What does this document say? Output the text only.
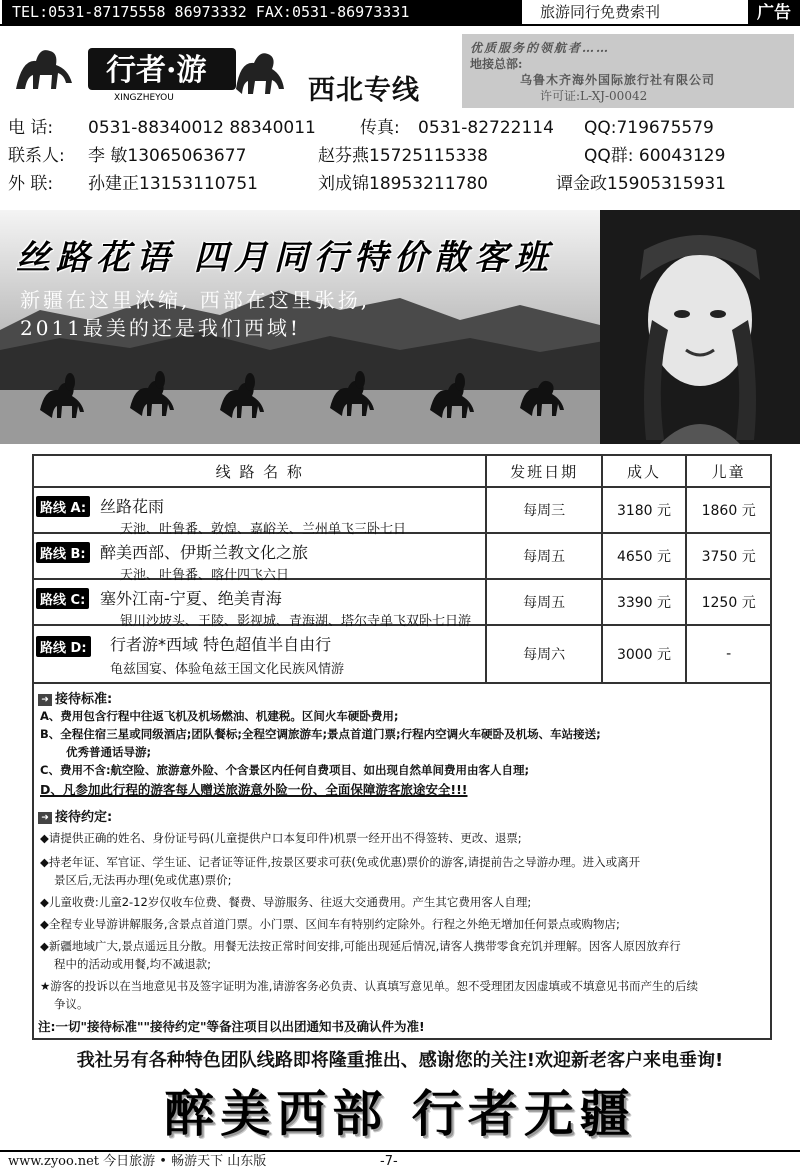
TEL:0531-87175558 86973332 FAX:0531-86973331	旅游同行免费索刊	广告
行者·游
XINGZHEYOU	西北专线
优质服务的领航者……
地接总部:
乌鲁木齐海外国际旅行社有限公司
许可证:L-XJ-00042
电 话: 0531-88340012 88340011	传真: 0531-82722114 QQ:719675579
联系人: 李 敏13065063677	赵芬燕15725115338	QQ群: 60043129
外 联: 孙建正13153110751	刘成锦18953211780	谭金政15905315931
丝路花语 四月同行特价散客班
新疆在这里浓缩, 西部在这里张扬,
2011最美的还是我们西域!
线 路 名 称	发班日期	成人	儿童

路线 A: 丝路花雨
天池、吐鲁番、敦煌、嘉峪关、兰州单飞三卧七日	每周三	3180 元	1860 元

路线 B: 醉美西部、伊斯兰教文化之旅
天池、吐鲁番、喀什四飞六日	每周五	4650 元	3750 元

路线 C: 塞外江南-宁夏、绝美青海
银川沙坡头、王陵、影视城、青海湖、塔尔寺单飞双卧七日游	每周五	3390 元	1250 元

路线 D: 行者游*西域 特色超值半自由行
龟兹国宴、体验龟兹王国文化民族风情游	每周六	3000 元	-
➜ 接待标准:
A、费用包含行程中往返飞机及机场燃油、机建税。区间火车硬卧费用;
B、全程住宿三星或同级酒店;团队餐标;全程空调旅游车;景点首道门票;行程内空调火车硬卧及机场、车站接送;
优秀普通话导游;
C、费用不含:航空险、旅游意外险、个含景区内任何自费项目、如出现自然单间费用由客人自理;
D、凡参加此行程的游客每人赠送旅游意外险一份、全面保障游客旅途安全!!!
➜ 接待约定:
◆请提供正确的姓名、身份证号码(儿童提供户口本复印件)机票一经开出不得签转、更改、退票;
◆持老年证、军官证、学生证、记者证等证件,按景区要求可获(免或优惠)票价的游客,请提前告之导游办理。进入或离开
景区后,无法再办理(免或优惠)票价;
◆儿童收费:儿童2-12岁仅收车位费、餐费、导游服务、往返大交通费用。产生其它费用客人自理;
◆全程专业导游讲解服务,含景点首道门票。小门票、区间车有特别约定除外。行程之外绝无增加任何景点或购物店;
◆新疆地域广大,景点遥远且分散。用餐无法按正常时间安排,可能出现延后情况,请客人携带零食充饥并理解。因客人原因放弃行
程中的活动或用餐,均不减退款;
★游客的投诉以在当地意见书及签字证明为准,请游客务必负责、认真填写意见单。恕不受理团友因虚填或不填意见书而产生的后续
争议。
注:一切"接待标准""接待约定"等备注项目以出团通知书及确认件为准!
我社另有各种特色团队线路即将隆重推出、感谢您的关注!欢迎新老客户来电垂询!
醉美西部 行者无疆
www.zyoo.net 今日旅游 • 畅游天下 山东版	-7-
